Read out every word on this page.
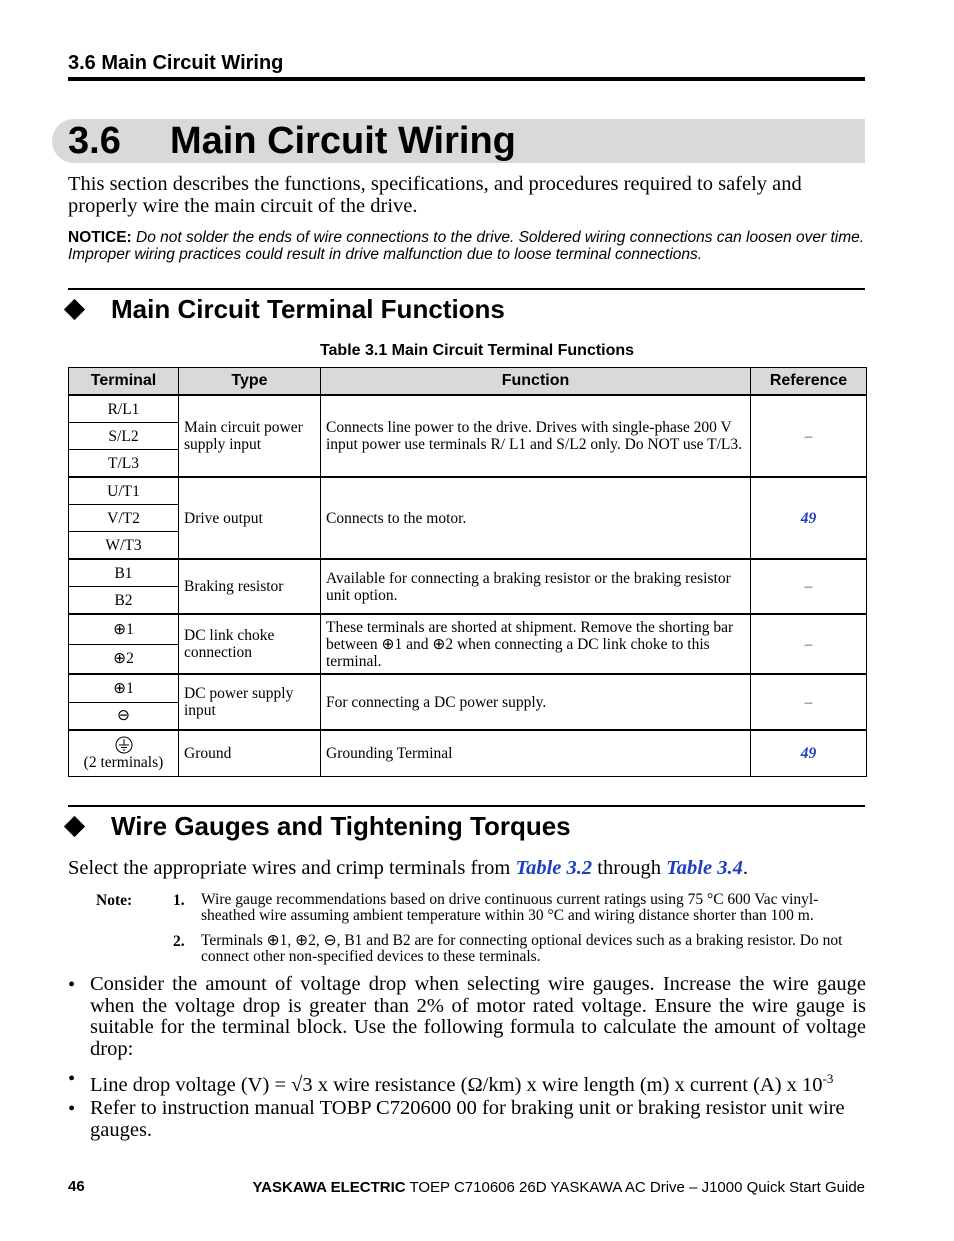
3.6 Main Circuit Wiring
3.6 Main Circuit Wiring
This section describes the functions, specifications, and procedures required to safely and properly wire the main circuit of the drive.
NOTICE: Do not solder the ends of wire connections to the drive. Soldered wiring connections can loosen over time. Improper wiring practices could result in drive malfunction due to loose terminal connections.
Main Circuit Terminal Functions
Table 3.1 Main Circuit Terminal Functions
Terminal	Type	Function	Reference
R/L1	Main circuit power supply input	Connects line power to the drive. Drives with single-phase 200 V input power use terminals R/ L1 and S/L2 only. Do NOT use T/L3.	–
S/L2			
T/L3			
U/T1	Drive output	Connects to the motor.	49
V/T2			
W/T3			
B1	Braking resistor	Available for connecting a braking resistor or the braking resistor unit option.	–
B2			
⊕1	DC link choke connection	These terminals are shorted at shipment. Remove the shorting bar between ⊕1 and ⊕2 when connecting a DC link choke to this terminal.	–
⊕2			
⊕1	DC power supply input	For connecting a DC power supply.	–
⊖			

(2 terminals)	Ground	Grounding Terminal	49
Wire Gauges and Tightening Torques
Select the appropriate wires and crimp terminals from Table 3.2 through Table 3.4.
Note:	1. Wire gauge recommendations based on drive continuous current ratings using 75 °C 600 Vac vinyl-sheathed wire assuming ambient temperature within 30 °C and wiring distance shorter than 100 m.
2. Terminals ⊕1, ⊕2, ⊖, B1 and B2 are for connecting optional devices such as a braking resistor. Do not connect other non-specified devices to these terminals.
• Consider the amount of voltage drop when selecting wire gauges. Increase the wire gauge when the voltage drop is greater than 2% of motor rated voltage. Ensure the wire gauge is suitable for the terminal block. Use the following formula to calculate the amount of voltage drop:
• Line drop voltage (V) = √3 x wire resistance (Ω/km) x wire length (m) x current (A) x $10^{-3}$
• Refer to instruction manual TOBP C720600 00 for braking unit or braking resistor unit wire gauges.
46	YASKAWA ELECTRIC TOEP C710606 26D YASKAWA AC Drive – J1000 Quick Start Guide
